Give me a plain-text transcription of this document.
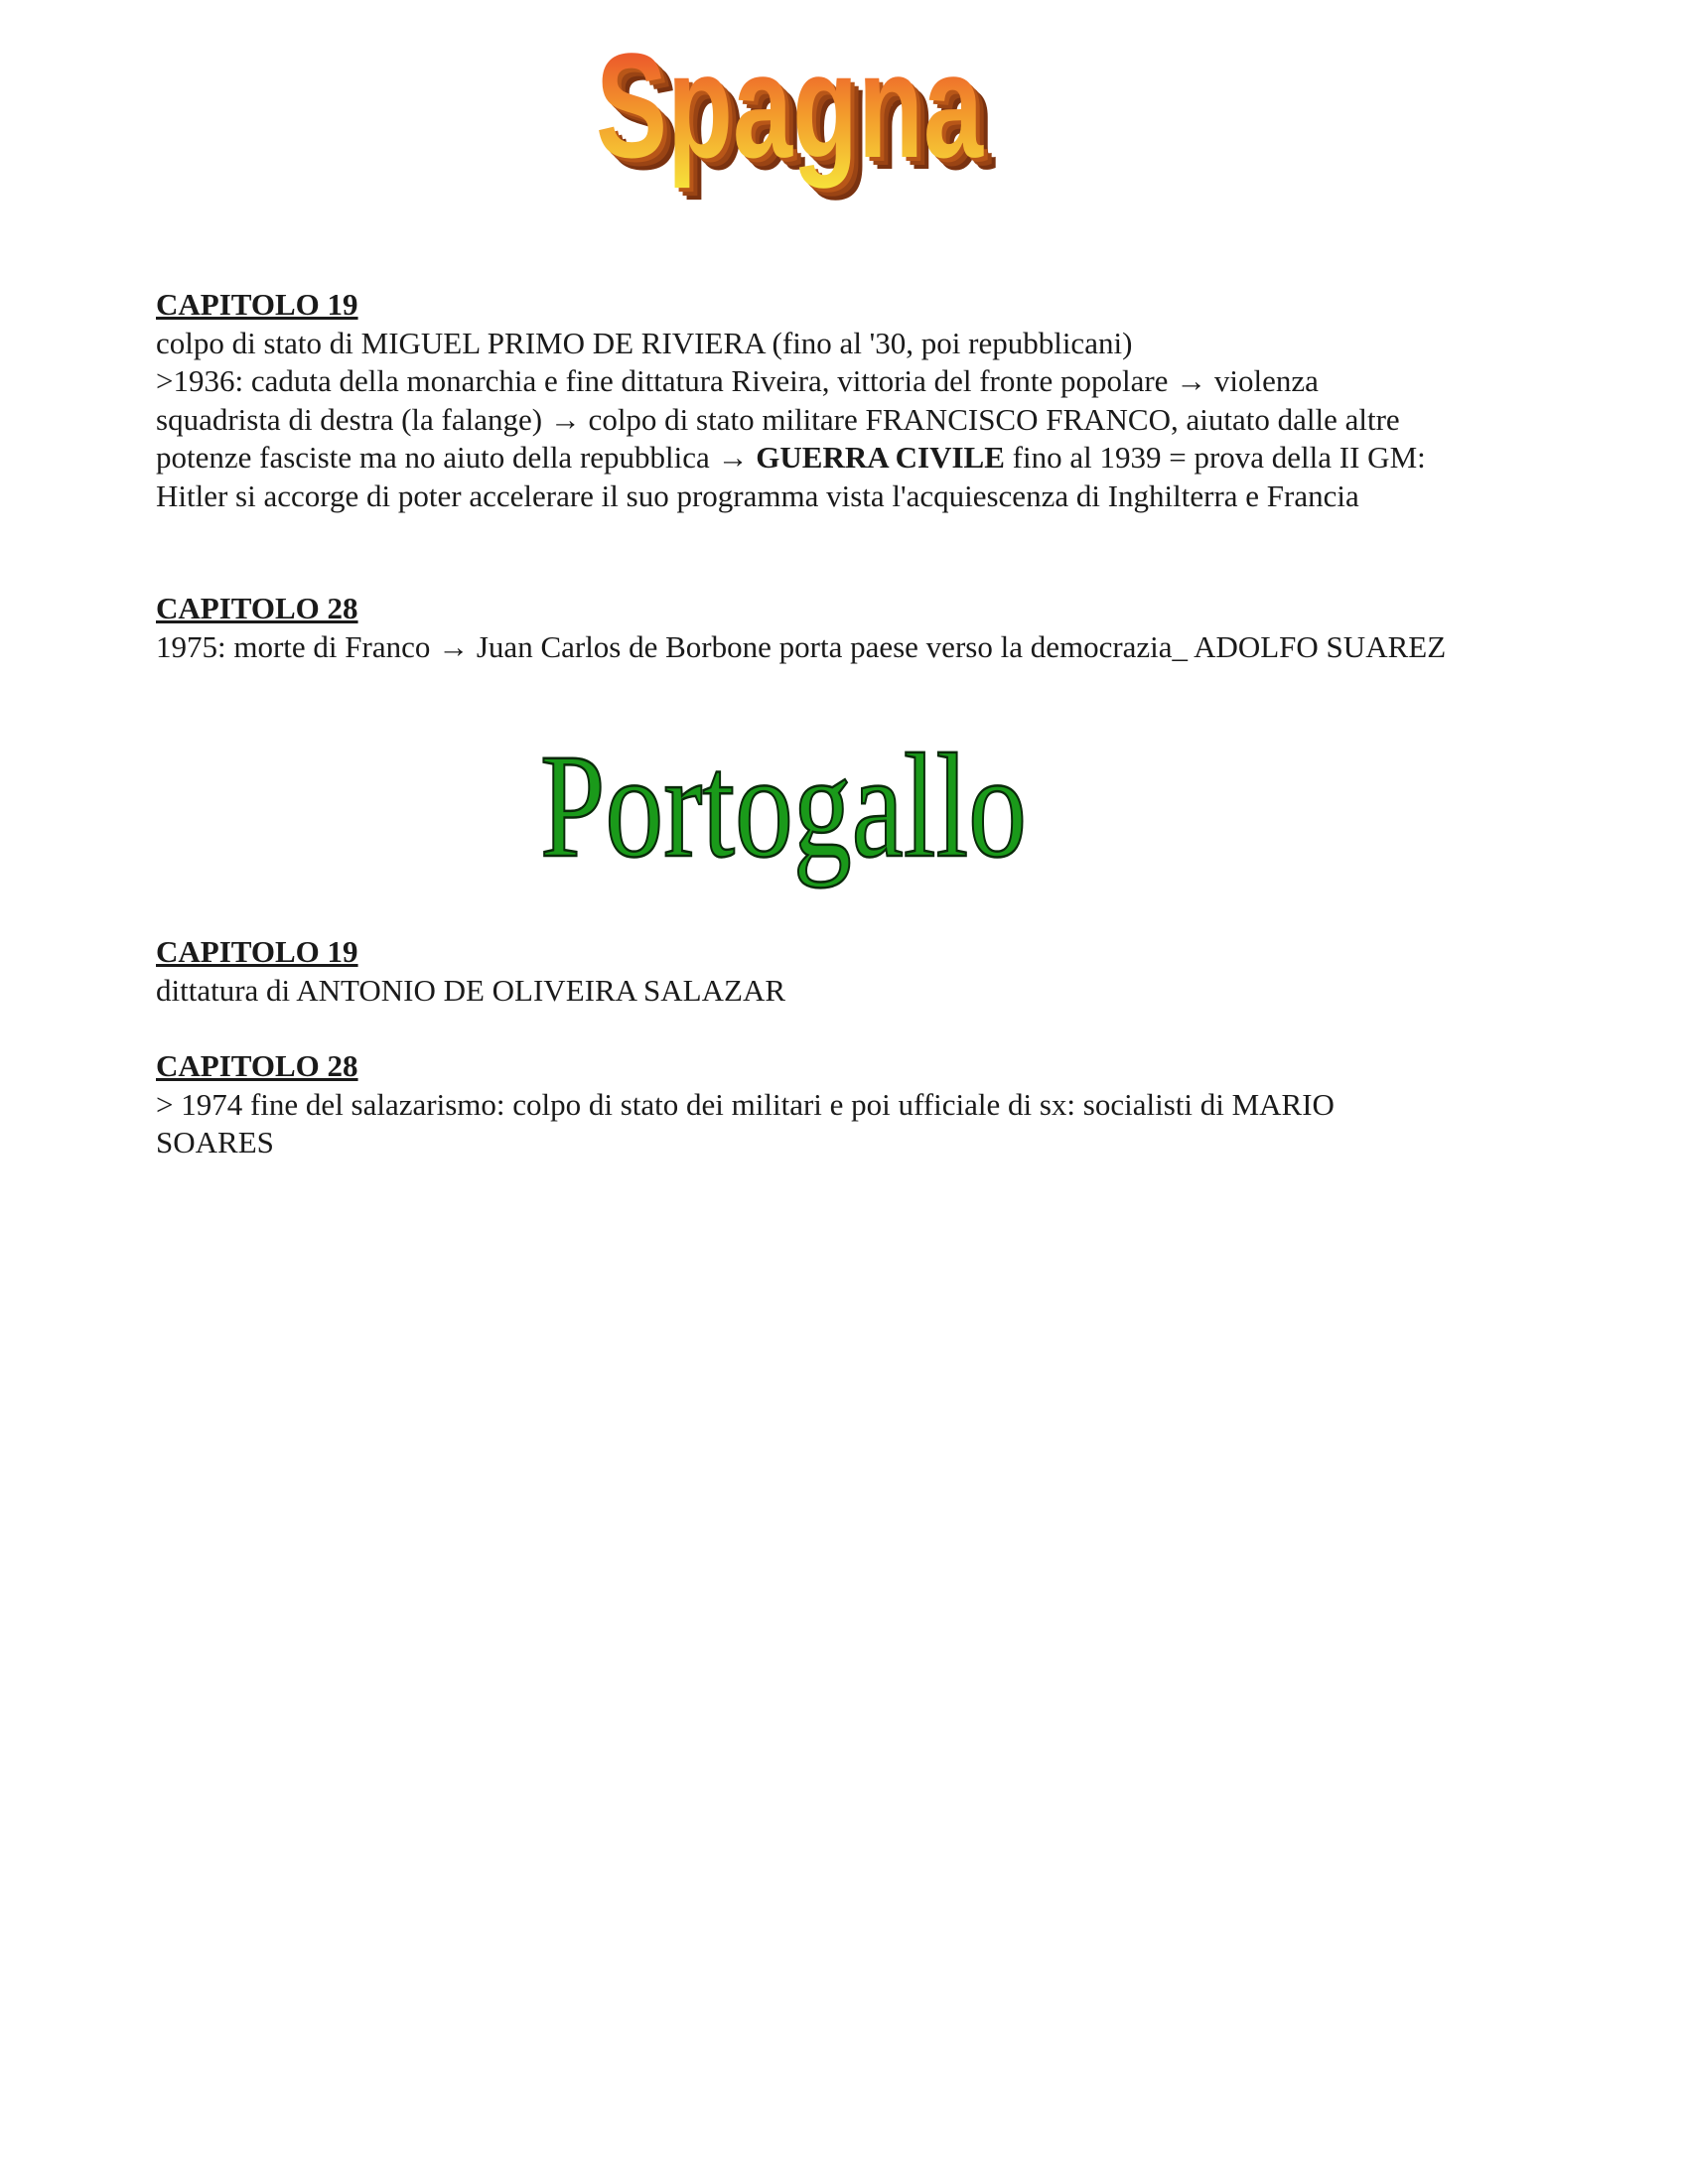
Spagna
Spagna
Spagna
Spagna
CAPITOLO 19
colpo di stato di MIGUEL PRIMO DE RIVIERA (fino al '30, poi repubblicani)
>1936: caduta della monarchia e fine dittatura Riveira, vittoria del fronte popolare → violenza squadrista di destra (la falange) → colpo di stato militare FRANCISCO FRANCO, aiutato dalle altre potenze fasciste ma no aiuto della repubblica → GUERRA CIVILE fino al 1939 = prova della II GM: Hitler si accorge di poter accelerare il suo programma vista l'acquiescenza di Inghilterra e Francia
CAPITOLO 28
1975: morte di Franco → Juan Carlos de Borbone porta paese verso la democrazia_ ADOLFO SUAREZ
Portogallo
CAPITOLO 19
dittatura di ANTONIO DE OLIVEIRA SALAZAR
CAPITOLO 28
> 1974 fine del salazarismo: colpo di stato dei militari e poi ufficiale di sx: socialisti di MARIO SOARES
